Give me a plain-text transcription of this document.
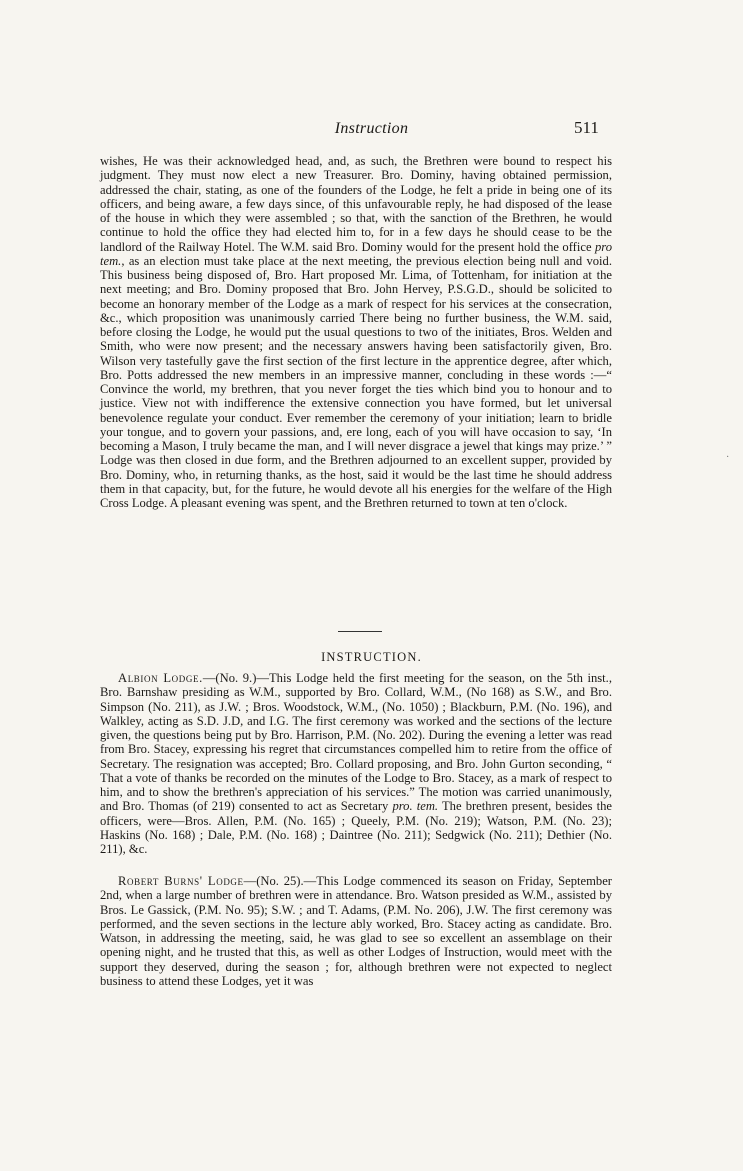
Instruction	511

wishes, He was their acknowledged head, and, as such, the Brethren were bound to respect his judgment. They must now elect a new Treasurer. Bro. Dominy, having obtained permission, addressed the chair, stating, as one of the founders of the Lodge, he felt a pride in being one of its officers, and being aware, a few days since, of this unfavourable reply, he had disposed of the lease of the house in which they were assembled ; so that, with the sanction of the Brethren, he would continue to hold the office they had elected him to, for in a few days he should cease to be the landlord of the Railway Hotel. The W.M. said Bro. Dominy would for the present hold the office pro tem., as an election must take place at the next meeting, the previous election being null and void. This business being disposed of, Bro. Hart proposed Mr. Lima, of Tottenham, for initiation at the next meeting; and Bro. Dominy proposed that Bro. John Hervey, P.S.G.D., should be solicited to become an honorary member of the Lodge as a mark of respect for his services at the consecration, &c., which proposition was unanimously carried There being no further business, the W.M. said, before closing the Lodge, he would put the usual questions to two of the initiates, Bros. Welden and Smith, who were now present; and the necessary answers having been satisfactorily given, Bro. Wilson very tastefully gave the first section of the first lecture in the apprentice degree, after which, Bro. Potts addressed the new members in an impressive manner, concluding in these words :—“ Convince the world, my brethren, that you never forget the ties which bind you to honour and to justice. View not with indifference the extensive connection you have formed, but let universal benevolence regulate your conduct. Ever remember the ceremony of your initiation; learn to bridle your tongue, and to govern your passions, and, ere long, each of you will have occasion to say, ‘In becoming a Mason, I truly became the man, and I will never disgrace a jewel that kings may prize.’ ” Lodge was then closed in due form, and the Brethren adjourned to an excellent supper, provided by Bro. Dominy, who, in returning thanks, as the host, said it would be the last time he should address them in that capacity, but, for the future, he would devote all his energies for the welfare of the High Cross Lodge. A pleasant evening was spent, and the Brethren returned to town at ten o'clock.

INSTRUCTION.

Albion Lodge.—(No. 9.)—This Lodge held the first meeting for the season, on the 5th inst., Bro. Barnshaw presiding as W.M., supported by Bro. Collard, W.M., (No 168) as S.W., and Bro. Simpson (No. 211), as J.W. ; Bros. Woodstock, W.M., (No. 1050) ; Blackburn, P.M. (No. 196), and Walkley, acting as S.D. J.D, and I.G. The first ceremony was worked and the sections of the lecture given, the questions being put by Bro. Harrison, P.M. (No. 202). During the evening a letter was read from Bro. Stacey, expressing his regret that circumstances compelled him to retire from the office of Secretary. The resignation was accepted; Bro. Collard proposing, and Bro. John Gurton seconding, “ That a vote of thanks be recorded on the minutes of the Lodge to Bro. Stacey, as a mark of respect to him, and to show the brethren's appreciation of his services.” The motion was carried unanimously, and Bro. Thomas (of 219) consented to act as Secretary pro. tem. The brethren present, besides the officers, were—Bros. Allen, P.M. (No. 165) ; Queely, P.M. (No. 219); Watson, P.M. (No. 23); Haskins (No. 168) ; Dale, P.M. (No. 168) ; Daintree (No. 211); Sedgwick (No. 211); Dethier (No. 211), &c.

Robert Burns' Lodge—(No. 25).—This Lodge commenced its season on Friday, September 2nd, when a large number of brethren were in attendance. Bro. Watson presided as W.M., assisted by Bros. Le Gassick, (P.M. No. 95); S.W. ; and T. Adams, (P.M. No. 206), J.W. The first ceremony was performed, and the seven sections in the lecture ably worked, Bro. Stacey acting as candidate. Bro. Watson, in addressing the meeting, said, he was glad to see so excellent an assemblage on their opening night, and he trusted that this, as well as other Lodges of Instruction, would meet with the support they deserved, during the season ; for, although brethren were not expected to neglect business to attend these Lodges, yet it was

·
